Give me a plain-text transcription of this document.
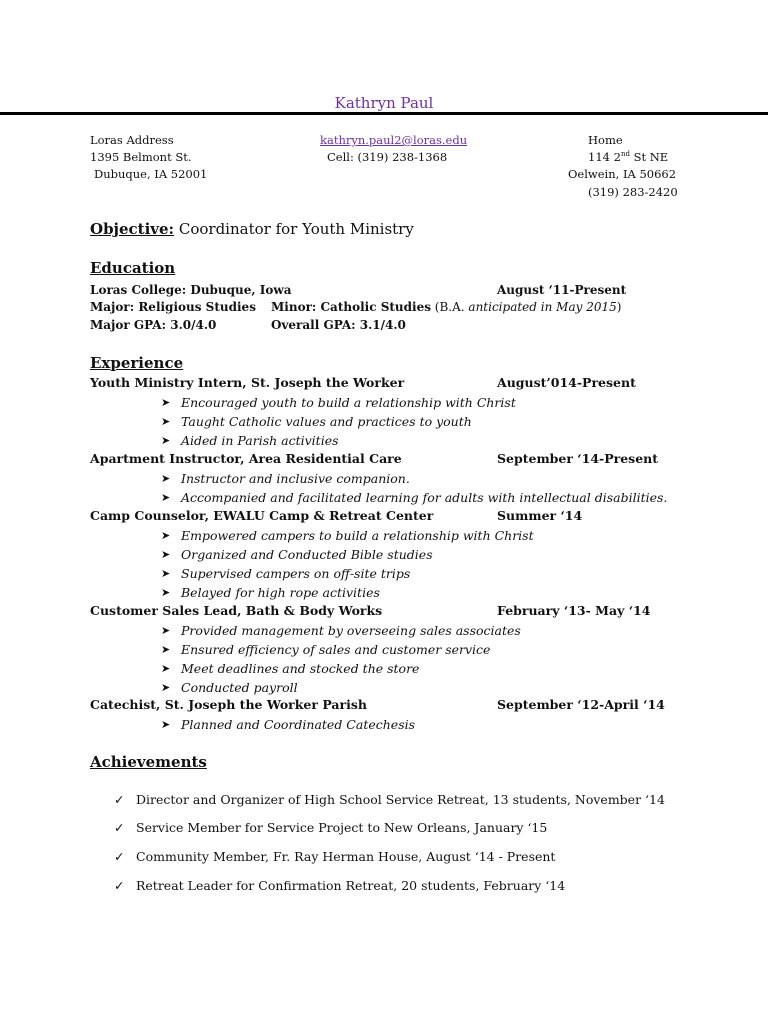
Kathryn Paul
Loras Address
1395 Belmont St.
Dubuque, IA 52001
kathryn.paul2@loras.edu
Cell: (319) 238-1368
Home
114 2nd St NE
Oelwein, IA 50662
(319) 283-2420
Objective: Coordinator for Youth Ministry
Education
Loras College: Dubuque, Iowa	August ‘11-Present
Major: Religious Studies Minor: Catholic Studies (B.A. anticipated in May 2015)
Major GPA: 3.0/4.0	Overall GPA: 3.1/4.0
Experience
Youth Ministry Intern, St. Joseph the Worker	August’014-Present
➤ Encouraged youth to build a relationship with Christ
➤ Taught Catholic values and practices to youth
➤ Aided in Parish activities
Apartment Instructor, Area Residential Care	September ‘14-Present
➤ Instructor and inclusive companion.
➤ Accompanied and facilitated learning for adults with intellectual disabilities.
Camp Counselor, EWALU Camp & Retreat Center	Summer ‘14
➤ Empowered campers to build a relationship with Christ
➤ Organized and Conducted Bible studies
➤ Supervised campers on off-site trips
➤ Belayed for high rope activities
Customer Sales Lead, Bath & Body Works	February ‘13- May ‘14
➤ Provided management by overseeing sales associates
➤ Ensured efficiency of sales and customer service
➤ Meet deadlines and stocked the store
➤ Conducted payroll
Catechist, St. Joseph the Worker Parish	September ‘12-April ‘14
➤ Planned and Coordinated Catechesis
Achievements
✓ Director and Organizer of High School Service Retreat, 13 students, November ‘14
✓ Service Member for Service Project to New Orleans, January ‘15
✓ Community Member, Fr. Ray Herman House, August ‘14 - Present
✓ Retreat Leader for Confirmation Retreat, 20 students, February ‘14
